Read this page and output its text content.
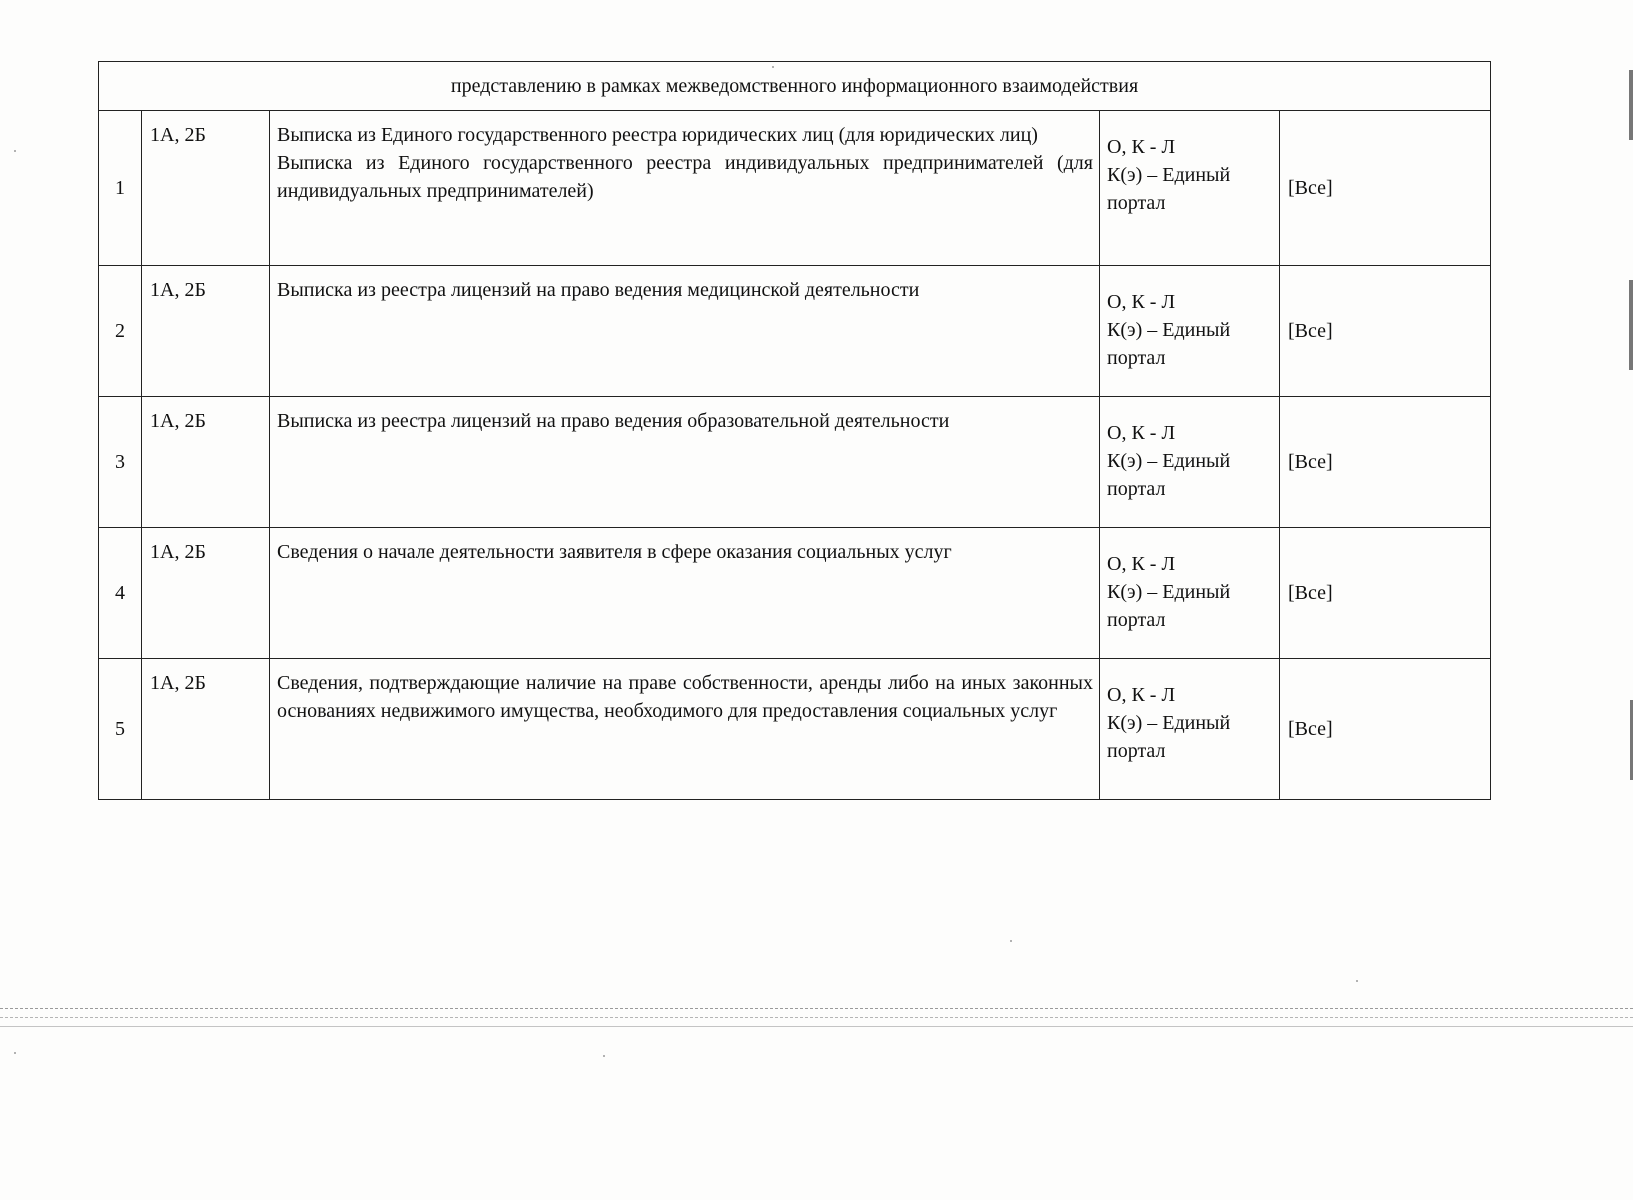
представлению в рамках межведомственного информационного взаимодействия				
1	1А, 2Б	Выписка из Единого государственного реестра юридических лиц (для юридических лиц)
Выписка из Единого государственного реестра индивидуальных предпринимателей (для индивидуальных предпринимателей)	О, К - Л
К(э) – Единый
портал	[Все]
2	1А, 2Б	Выписка из реестра лицензий на право ведения медицинской деятельности	О, К - Л
К(э) – Единый
портал	[Все]
3	1А, 2Б	Выписка из реестра лицензий на право ведения образовательной деятельности	О, К - Л
К(э) – Единый
портал	[Все]
4	1А, 2Б	Сведения о начале деятельности заявителя в сфере оказания социальных услуг	О, К - Л
К(э) – Единый
портал	[Все]
5	1А, 2Б	Сведения, подтверждающие наличие на праве собственности, аренды либо на иных законных основаниях недвижимого имущества, необходимого для предоставления социальных услуг	О, К - Л
К(э) – Единый
портал	[Все]
